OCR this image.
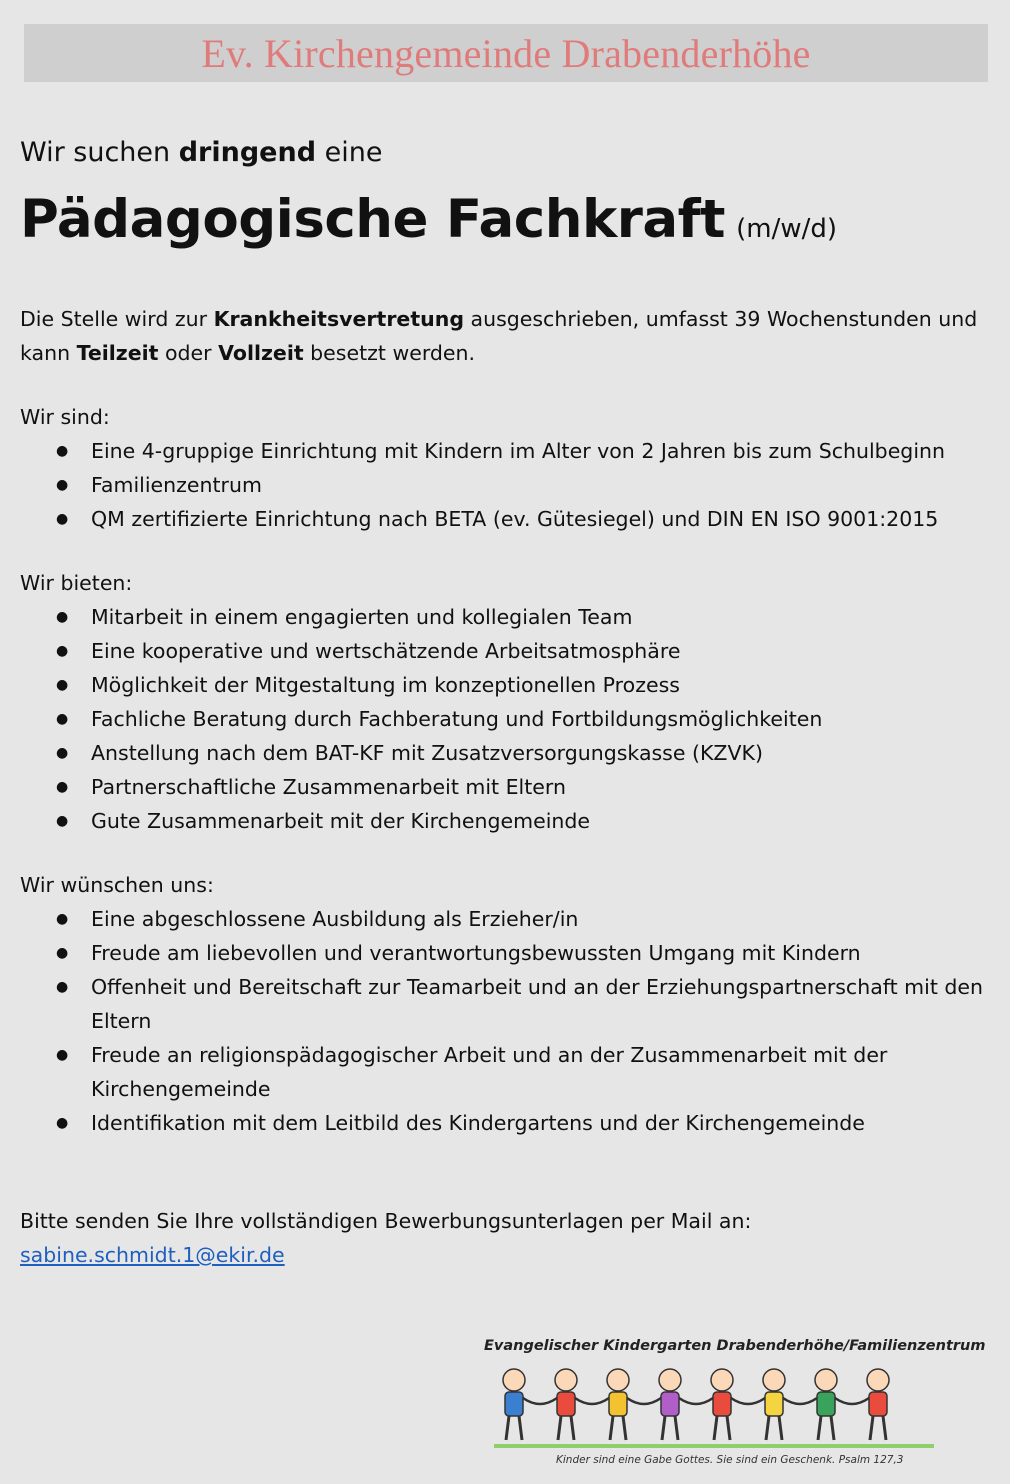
Ev. Kirchengemeinde Drabenderhöhe

Wir suchen dringend eine

Pädagogische Fachkraft (m/w/d)

Die Stelle wird zur Krankheitsvertretung ausgeschrieben, umfasst 39 Wochenstunden und kann Teilzeit oder Vollzeit besetzt werden.

Wir sind:

● Eine 4-gruppige Einrichtung mit Kindern im Alter von 2 Jahren bis zum Schulbeginn
● Familienzentrum
● QM zertifizierte Einrichtung nach BETA (ev. Gütesiegel) und DIN EN ISO 9001:2015

Wir bieten:

● Mitarbeit in einem engagierten und kollegialen Team
● Eine kooperative und wertschätzende Arbeitsatmosphäre
● Möglichkeit der Mitgestaltung im konzeptionellen Prozess
● Fachliche Beratung durch Fachberatung und Fortbildungsmöglichkeiten
● Anstellung nach dem BAT-KF mit Zusatzversorgungskasse (KZVK)
● Partnerschaftliche Zusammenarbeit mit Eltern
● Gute Zusammenarbeit mit der Kirchengemeinde

Wir wünschen uns:

● Eine abgeschlossene Ausbildung als Erzieher/in
● Freude am liebevollen und verantwortungsbewussten Umgang mit Kindern
● Offenheit und Bereitschaft zur Teamarbeit und an der Erziehungspartnerschaft mit den Eltern
● Freude an religionspädagogischer Arbeit und an der Zusammenarbeit mit der Kirchengemeinde
● Identifikation mit dem Leitbild des Kindergartens und der Kirchengemeinde

Bitte senden Sie Ihre vollständigen Bewerbungsunterlagen per Mail an:

sabine.schmidt.1@ekir.de
Evangelischer Kindergarten Drabenderhöhe/Familienzentrum
Kinder sind eine Gabe Gottes. Sie sind ein Geschenk. Psalm 127,3
